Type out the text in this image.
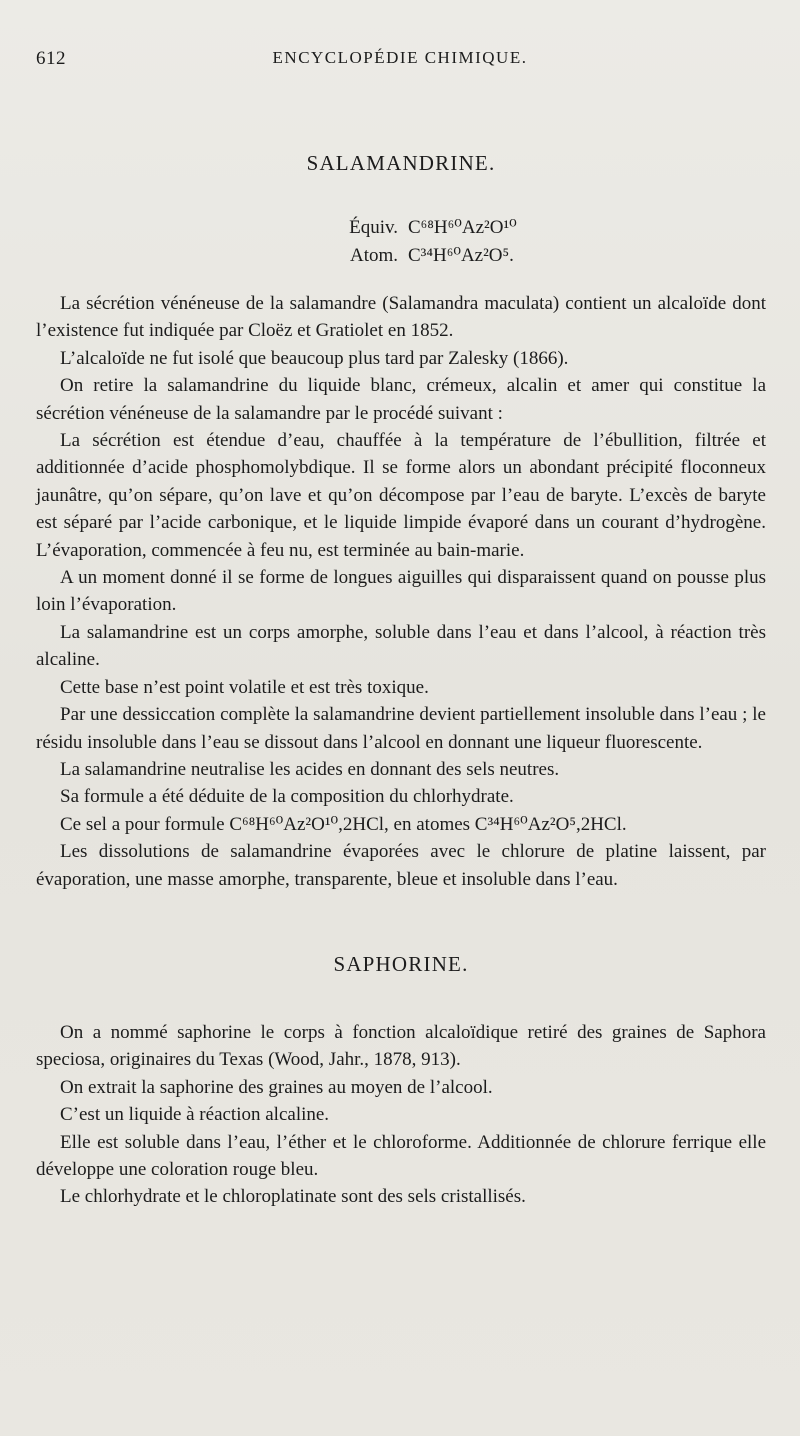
612	ENCYCLOPÉDIE CHIMIQUE.
SALAMANDRINE.
Équiv. C⁶⁸H⁶⁰Az²O¹⁰
Atom. C³⁴H⁶⁰Az²O⁵.

La sécrétion vénéneuse de la salamandre (Salamandra maculata) contient un alcaloïde dont l’existence fut indiquée par Cloëz et Gratiolet en 1852.

L’alcaloïde ne fut isolé que beaucoup plus tard par Zalesky (1866).

On retire la salamandrine du liquide blanc, crémeux, alcalin et amer qui constitue la sécrétion vénéneuse de la salamandre par le procédé suivant :

La sécrétion est étendue d’eau, chauffée à la température de l’ébullition, filtrée et additionnée d’acide phosphomolybdique. Il se forme alors un abondant précipité floconneux jaunâtre, qu’on sépare, qu’on lave et qu’on décompose par l’eau de baryte. L’excès de baryte est séparé par l’acide carbonique, et le liquide limpide évaporé dans un courant d’hydrogène. L’évaporation, commencée à feu nu, est terminée au bain-marie.

A un moment donné il se forme de longues aiguilles qui disparaissent quand on pousse plus loin l’évaporation.

La salamandrine est un corps amorphe, soluble dans l’eau et dans l’alcool, à réaction très alcaline.

Cette base n’est point volatile et est très toxique.

Par une dessiccation complète la salamandrine devient partiellement insoluble dans l’eau ; le résidu insoluble dans l’eau se dissout dans l’alcool en donnant une liqueur fluorescente.

La salamandrine neutralise les acides en donnant des sels neutres.

Sa formule a été déduite de la composition du chlorhydrate.

Ce sel a pour formule C⁶⁸H⁶⁰Az²O¹⁰,2HCl, en atomes C³⁴H⁶⁰Az²O⁵,2HCl.

Les dissolutions de salamandrine évaporées avec le chlorure de platine laissent, par évaporation, une masse amorphe, transparente, bleue et insoluble dans l’eau.

SAPHORINE.

On a nommé saphorine le corps à fonction alcaloïdique retiré des graines de Saphora speciosa, originaires du Texas (Wood, Jahr., 1878, 913).

On extrait la saphorine des graines au moyen de l’alcool.

C’est un liquide à réaction alcaline.

Elle est soluble dans l’eau, l’éther et le chloroforme. Additionnée de chlorure ferrique elle développe une coloration rouge bleu.

Le chlorhydrate et le chloroplatinate sont des sels cristallisés.
